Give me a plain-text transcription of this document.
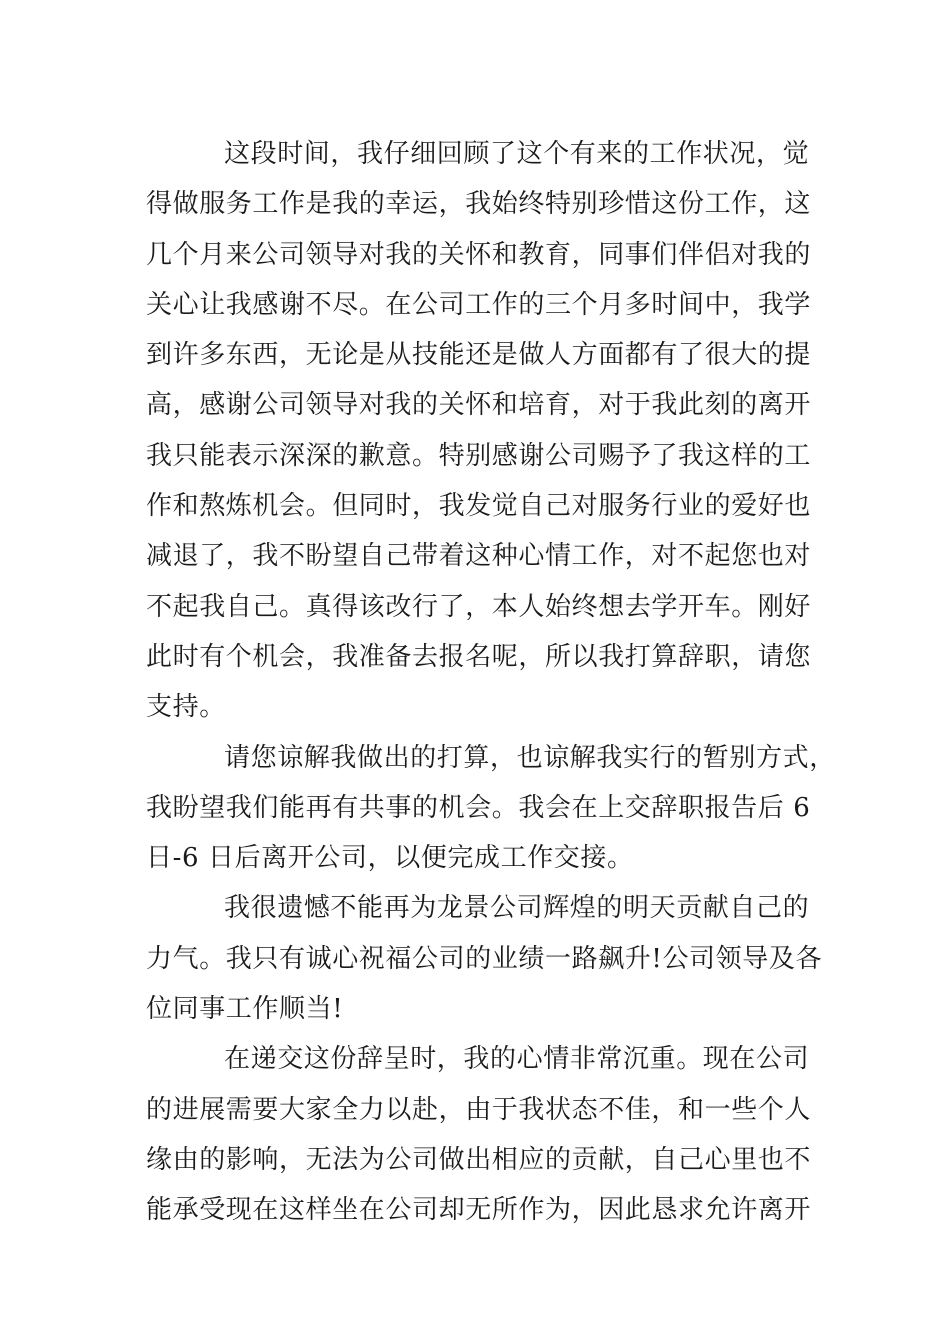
这段时间，我仔细回顾了这个有来的工作状况，觉
得做服务工作是我的幸运，我始终特别珍惜这份工作，这
几个月来公司领导对我的关怀和教育，同事们伴侣对我的
关心让我感谢不尽。在公司工作的三个月多时间中，我学
到许多东西，无论是从技能还是做人方面都有了很大的提
高，感谢公司领导对我的关怀和培育，对于我此刻的离开
我只能表示深深的歉意。特别感谢公司赐予了我这样的工
作和熬炼机会。但同时，我发觉自己对服务行业的爱好也
减退了，我不盼望自己带着这种心情工作，对不起您也对
不起我自己。真得该改行了，本人始终想去学开车。刚好
此时有个机会，我准备去报名呢，所以我打算辞职，请您
支持。

请您谅解我做出的打算，也谅解我实行的暂别方式，
我盼望我们能再有共事的机会。我会在上交辞职报告后 6
日-6 日后离开公司，以便完成工作交接。

我很遗憾不能再为龙景公司辉煌的明天贡献自己的
力气。我只有诚心祝福公司的业绩一路飙升!公司领导及各
位同事工作顺当!

在递交这份辞呈时，我的心情非常沉重。现在公司
的进展需要大家全力以赴，由于我状态不佳，和一些个人
缘由的影响，无法为公司做出相应的贡献，自己心里也不
能承受现在这样坐在公司却无所作为，因此恳求允许离开
